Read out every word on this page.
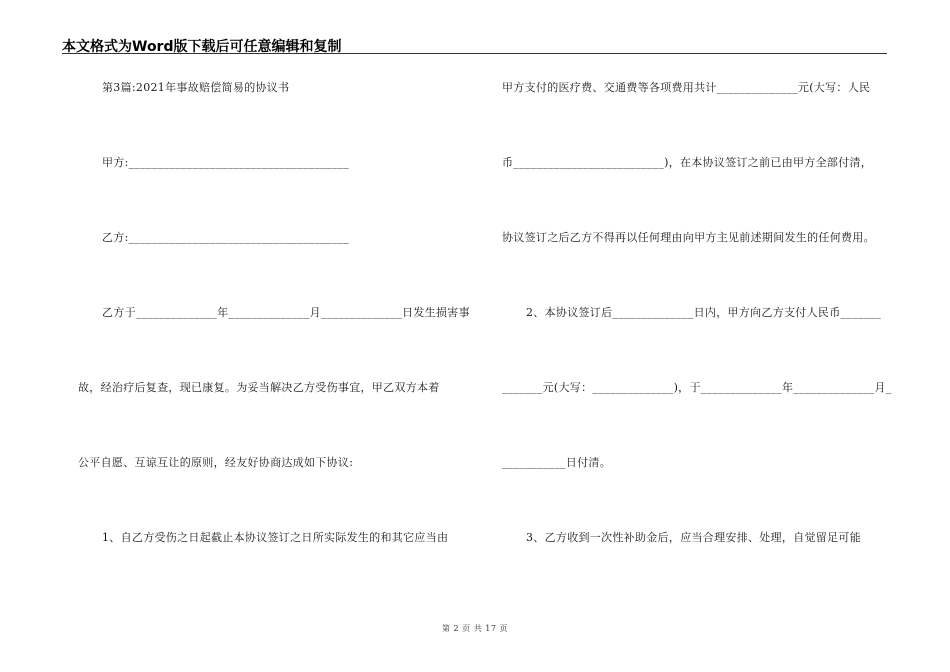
本文格式为Word版下载后可任意编辑和复制
第3篇:2021年事故赔偿简易的协议书
甲方:______________________________________
乙方:______________________________________
乙方于______________年______________月______________日发生损害事
故，经治疗后复查，现已康复。为妥当解决乙方受伤事宜，甲乙双方本着
公平自愿、互谅互让的原则，经友好协商达成如下协议:
1、自乙方受伤之日起截止本协议签订之日所实际发生的和其它应当由
甲方支付的医疗费、交通费等各项费用共计______________元(大写：人民
币__________________________)，在本协议签订之前已由甲方全部付清，
协议签订之后乙方不得再以任何理由向甲方主见前述期间发生的任何费用。
2、本协议签订后______________日内，甲方向乙方支付人民币_______
_______元(大写：______________)，于______________年______________月_
___________日付清。
3、乙方收到一次性补助金后，应当合理安排、处理，自觉留足可能
第 2 页 共 17 页
